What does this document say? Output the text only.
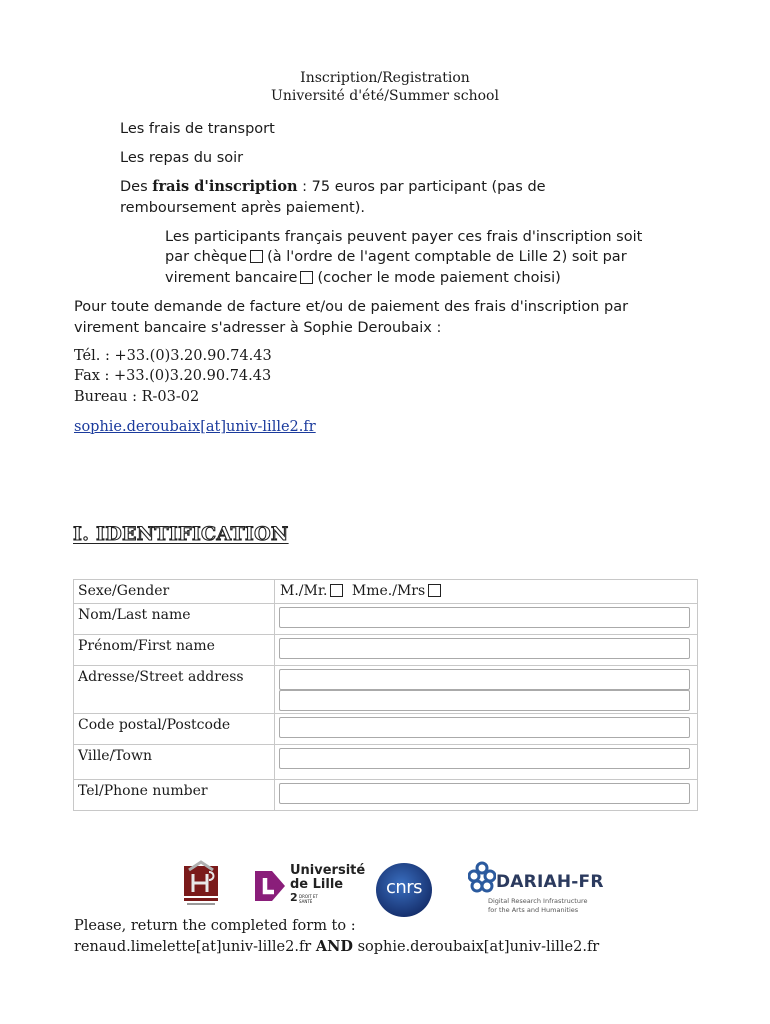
Inscription/Registration
Université d'été/Summer school
Les frais de transport
Les repas du soir
Des frais d'inscription : 75 euros par participant (pas de
remboursement après paiement).
Les participants français peuvent payer ces frais d'inscription soit
par chèque (à l'ordre de l'agent comptable de Lille 2) soit par
virement bancaire (cocher le mode paiement choisi)
Pour toute demande de facture et/ou de paiement des frais d'inscription par
virement bancaire s'adresser à Sophie Deroubaix :
Tél. : +33.(0)3.20.90.74.43
Fax : +33.(0)3.20.90.74.43
Bureau : R-03-02
sophie.deroubaix[at]univ-lille2.fr
I. IDENTIFICATION
Sexe/Gender	M./Mr. Mme./Mrs
Nom/Last name	

Prénom/First name	

Adresse/Street address	

Code postal/Postcode	

Ville/Town	

Tel/Phone number	
Université
de Lille
2 DROIT ET SANTÉ
cnrs	DARIAH-FR
Digital Research Infrastructure
for the Arts and Humanities
Please, return the completed form to :
renaud.limelette[at]univ-lille2.fr AND sophie.deroubaix[at]univ-lille2.fr
